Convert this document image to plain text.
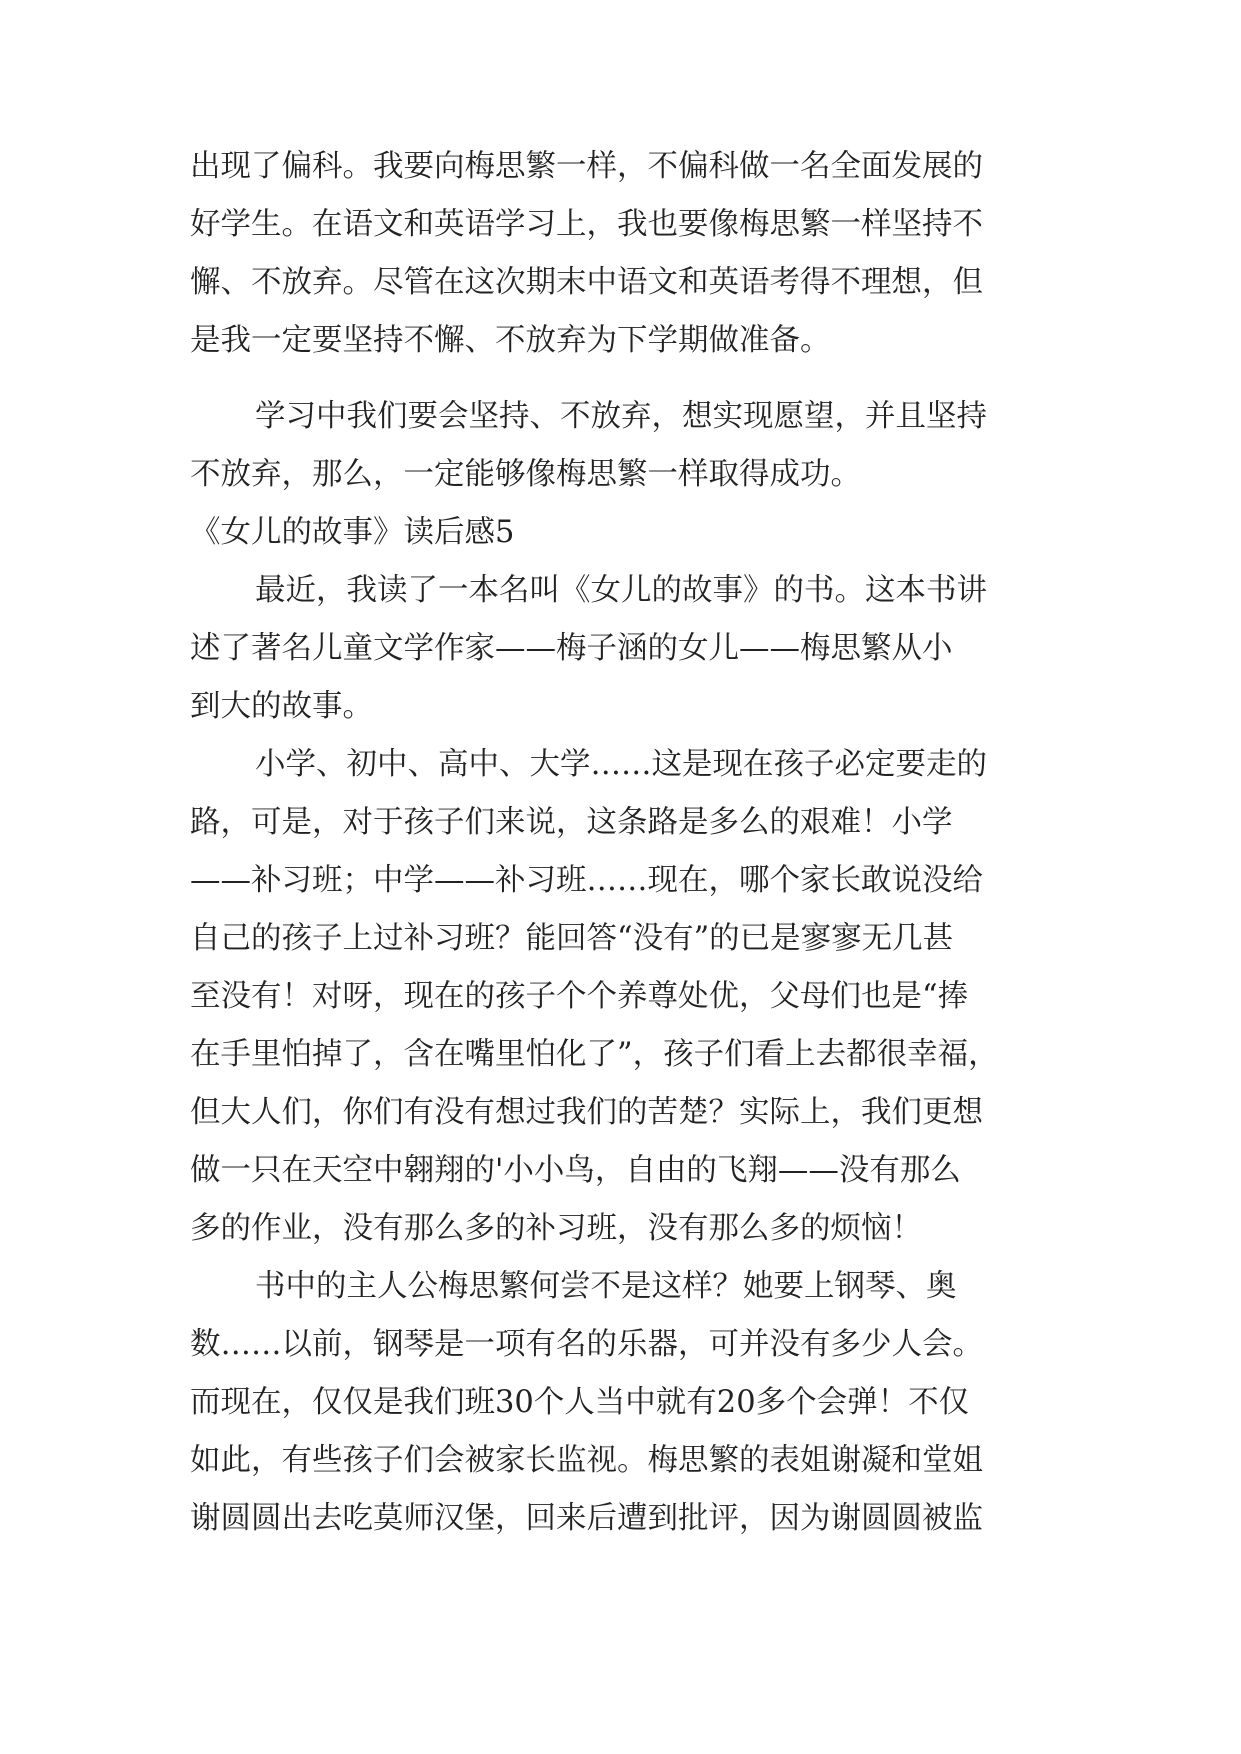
出现了偏科。我要向梅思繁一样，不偏科做一名全面发展的
好学生。在语文和英语学习上，我也要像梅思繁一样坚持不
懈、不放弃。尽管在这次期末中语文和英语考得不理想，但
是我一定要坚持不懈、不放弃为下学期做准备。
学习中我们要会坚持、不放弃，想实现愿望，并且坚持
不放弃，那么，一定能够像梅思繁一样取得成功。
《女儿的故事》读后感5
最近，我读了一本名叫《女儿的故事》的书。这本书讲
述了著名儿童文学作家——梅子涵的女儿——梅思繁从小
到大的故事。
小学、初中、高中、大学……这是现在孩子必定要走的
路，可是，对于孩子们来说，这条路是多么的艰难！小学
——补习班；中学——补习班……现在，哪个家长敢说没给
自己的孩子上过补习班？能回答“没有”的已是寥寥无几甚
至没有！对呀，现在的孩子个个养尊处优，父母们也是“捧
在手里怕掉了，含在嘴里怕化了”，孩子们看上去都很幸福，
但大人们，你们有没有想过我们的苦楚？实际上，我们更想
做一只在天空中翱翔的'小小鸟，自由的飞翔——没有那么
多的作业，没有那么多的补习班，没有那么多的烦恼！
书中的主人公梅思繁何尝不是这样？她要上钢琴、奥
数……以前，钢琴是一项有名的乐器，可并没有多少人会。
而现在，仅仅是我们班30个人当中就有20多个会弹！不仅
如此，有些孩子们会被家长监视。梅思繁的表姐谢凝和堂姐
谢圆圆出去吃莫师汉堡，回来后遭到批评，因为谢圆圆被监
